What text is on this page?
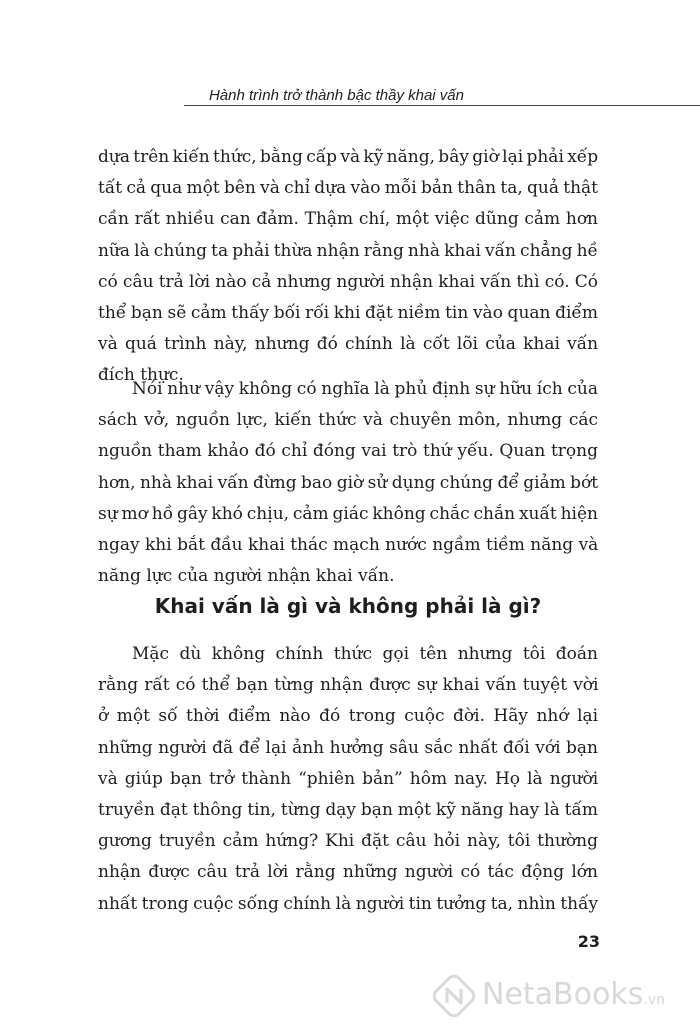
Hành trình trở thành bậc thầy khai vấn
dựa trên kiến thức, bằng cấp và kỹ năng, bây giờ lại phải xếp
tất cả qua một bên và chỉ dựa vào mỗi bản thân ta, quả thật
cần rất nhiều can đảm. Thậm chí, một việc dũng cảm hơn
nữa là chúng ta phải thừa nhận rằng nhà khai vấn chẳng hề
có câu trả lời nào cả nhưng người nhận khai vấn thì có. Có
thể bạn sẽ cảm thấy bối rối khi đặt niềm tin vào quan điểm
và quá trình này, nhưng đó chính là cốt lõi của khai vấn
đích thực.
Nói như vậy không có nghĩa là phủ định sự hữu ích của
sách vở, nguồn lực, kiến thức và chuyên môn, nhưng các
nguồn tham khảo đó chỉ đóng vai trò thứ yếu. Quan trọng
hơn, nhà khai vấn đừng bao giờ sử dụng chúng để giảm bớt
sự mơ hồ gây khó chịu, cảm giác không chắc chắn xuất hiện
ngay khi bắt đầu khai thác mạch nước ngầm tiềm năng và
năng lực của người nhận khai vấn.
Khai vấn là gì và không phải là gì?
Mặc dù không chính thức gọi tên nhưng tôi đoán
rằng rất có thể bạn từng nhận được sự khai vấn tuyệt vời
ở một số thời điểm nào đó trong cuộc đời. Hãy nhớ lại
những người đã để lại ảnh hưởng sâu sắc nhất đối với bạn
và giúp bạn trở thành “phiên bản” hôm nay. Họ là người
truyền đạt thông tin, từng dạy bạn một kỹ năng hay là tấm
gương truyền cảm hứng? Khi đặt câu hỏi này, tôi thường
nhận được câu trả lời rằng những người có tác động lớn
nhất trong cuộc sống chính là người tin tưởng ta, nhìn thấy
23
NetaBooks.vn
